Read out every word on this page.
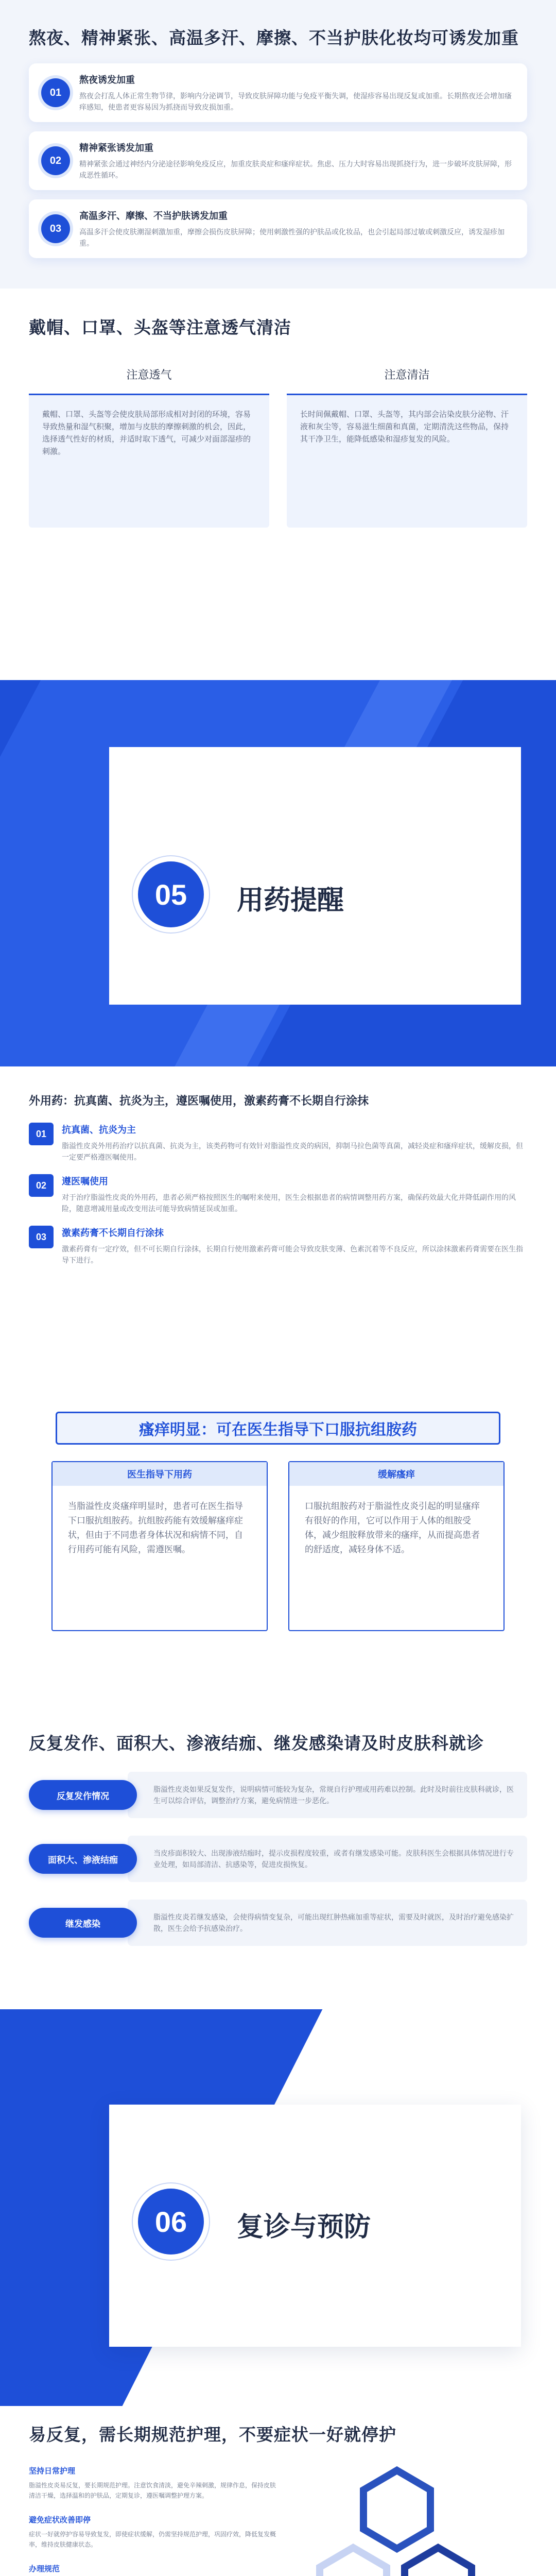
熬夜、精神紧张、高温多汗、摩擦、不当护肤化妆均可诱发加重
01
熬夜诱发加重
熬夜会打乱人体正常生物节律，影响内分泌调节，导致皮肤屏障功能与免疫平衡失调，使湿疹容易出现反复或加重。长期熬夜还会增加瘙痒感知，使患者更容易因为抓挠而导致皮损加重。
02
精神紧张诱发加重
精神紧张会通过神经内分泌途径影响免疫反应，加重皮肤炎症和瘙痒症状。焦虑、压力大时容易出现抓挠行为，进一步破坏皮肤屏障，形成恶性循环。
03
高温多汗、摩擦、不当护肤诱发加重
高温多汗会使皮肤潮湿刺激加重，摩擦会损伤皮肤屏障；使用刺激性强的护肤品或化妆品，也会引起局部过敏或刺激反应，诱发湿疹加重。
戴帽、口罩、头盔等注意透气清洁
注意透气
戴帽、口罩、头盔等会使皮肤局部形成相对封闭的环境，容易导致热量和湿气积聚，增加与皮肤的摩擦刺激的机会，因此，选择透气性好的材质，并适时取下透气，可减少对面部湿疹的刺激。
注意清洁
长时间佩戴帽、口罩、头盔等，其内部会沾染皮肤分泌物、汗液和灰尘等，容易滋生细菌和真菌，定期清洗这些物品，保持其干净卫生，能降低感染和湿疹复发的风险。
05	用药提醒
外用药：抗真菌、抗炎为主，遵医嘱使用，激素药膏不长期自行涂抹
01	抗真菌、抗炎为主
脂溢性皮炎外用药治疗以抗真菌、抗炎为主，该类药物可有效针对脂溢性皮炎的病因，抑制马拉色菌等真菌，减轻炎症和瘙痒症状，缓解皮损，但一定要严格遵医嘱使用。
02	遵医嘱使用
对于治疗脂溢性皮炎的外用药，患者必须严格按照医生的嘱咐来使用，医生会根据患者的病情调整用药方案，确保药效最大化并降低副作用的风险，随意增减用量或改变用法可能导致病情延误或加重。
03	激素药膏不长期自行涂抹
激素药膏有一定疗效，但不可长期自行涂抹，长期自行使用激素药膏可能会导致皮肤变薄、色素沉着等不良反应，所以涂抹激素药膏需要在医生指导下进行。
瘙痒明显：可在医生指导下口服抗组胺药
医生指导下用药
当脂溢性皮炎瘙痒明显时，患者可在医生指导下口服抗组胺药。抗组胺药能有效缓解瘙痒症状，但由于不同患者身体状况和病情不同，自行用药可能有风险，需遵医嘱。
缓解瘙痒
口服抗组胺药对于脂溢性皮炎引起的明显瘙痒有很好的作用，它可以作用于人体的组胺受体，减少组胺释放带来的瘙痒，从而提高患者的舒适度，减轻身体不适。
反复发作、面积大、渗液结痂、继发感染请及时皮肤科就诊
反复发作情况
脂溢性皮炎如果反复发作，说明病情可能较为复杂，常规自行护理或用药难以控制。此时及时前往皮肤科就诊，医生可以综合评估，调整治疗方案，避免病情进一步恶化。
面积大、渗液结痂
当皮疹面积较大、出现渗液结痂时，提示皮损程度较重，或者有继发感染可能。皮肤科医生会根据具体情况进行专业处理，如局部清洁、抗感染等，促进皮损恢复。
继发感染
脂溢性皮炎若继发感染，会使得病情变复杂，可能出现红肿热痛加重等症状，需要及时就医，及时治疗避免感染扩散，医生会给予抗感染治疗。
06	复诊与预防
易反复，需长期规范护理，不要症状一好就停护
坚持日常护理
脂溢性皮炎易反复，要长期规范护理。注意饮食清淡，避免辛辣刺激，规律作息，保持皮肤清洁干燥，选择温和的护肤品，定期复诊，遵医嘱调整护理方案。
避免症状改善即停
症状一好就停护容易导致复发，即使症状缓解，仍需坚持规范护理，巩固疗效，降低复发概率，维持皮肤健康状态。
办理规范
